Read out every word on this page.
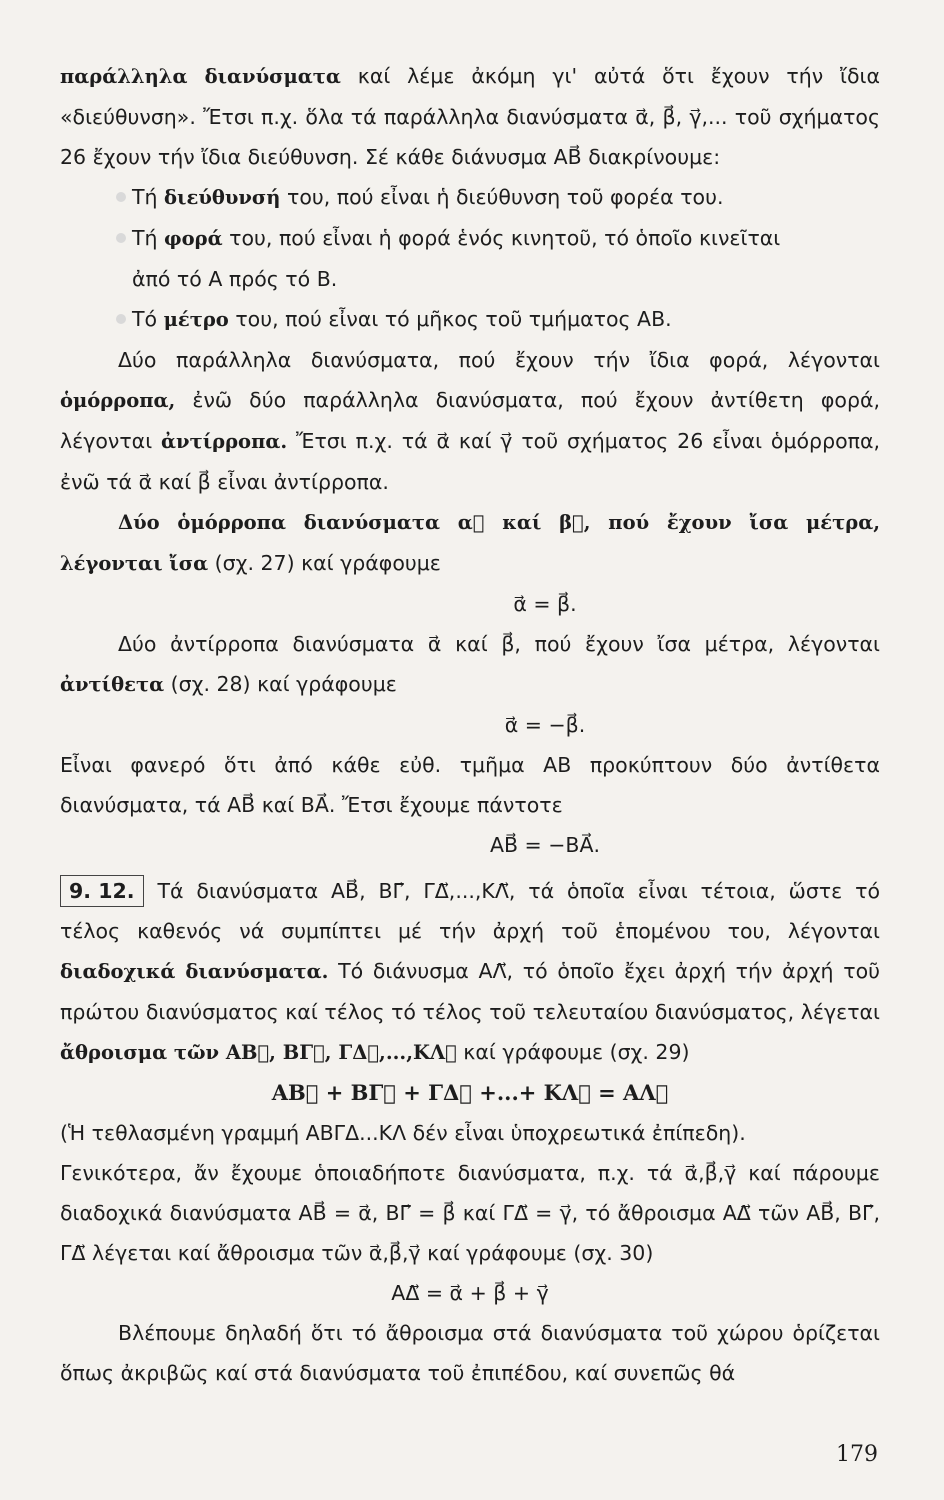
παράλληλα διανύσματα καί λέμε ἀκόμη γι' αὐτά ὅτι ἔχουν τήν ἴδια «διεύθυνση». Ἔτσι π.χ. ὅλα τά παράλληλα διανύσματα α⃗, β⃗, γ⃗,... τοῦ σχήματος 26 ἔχουν τήν ἴδια διεύθυνση. Σέ κάθε διάνυσμα AB⃗ διακρίνουμε:

Τή διεύθυνσή του, πού εἶναι ἡ διεύθυνση τοῦ φορέα του.

Τή φορά του, πού εἶναι ἡ φορά ἑνός κινητοῦ, τό ὁποῖο κινεῖται

ἀπό τό Α πρός τό Β.

Τό μέτρο του, πού εἶναι τό μῆκος τοῦ τμήματος AB.

Δύο παράλληλα διανύσματα, πού ἔχουν τήν ἴδια φορά, λέγονται ὁμόρροπα, ἐνῶ δύο παράλληλα διανύσματα, πού ἔχουν ἀντίθετη φορά, λέγονται ἀντίρροπα. Ἔτσι π.χ. τά α⃗ καί γ⃗ τοῦ σχήματος 26 εἶναι ὁμόρροπα, ἐνῶ τά α⃗ καί β⃗ εἶναι ἀντίρροπα.

Δύο ὁμόρροπα διανύσματα α⃗ καί β⃗, πού ἔχουν ἴσα μέτρα, λέγονται ἴσα (σχ. 27) καί γράφουμε

α⃗ = β⃗.

Δύο ἀντίρροπα διανύσματα α⃗ καί β⃗, πού ἔχουν ἴσα μέτρα, λέγονται ἀντίθετα (σχ. 28) καί γράφουμε

α⃗ = −β⃗.

Εἶναι φανερό ὅτι ἀπό κάθε εὐθ. τμῆμα AB προκύπτουν δύο ἀντίθετα διανύσματα, τά AB⃗ καί BA⃗. Ἔτσι ἔχουμε πάντοτε

AB⃗ = −BA⃗.

9. 12. Τά διανύσματα AB⃗, BΓ⃗, ΓΔ⃗,...,KΛ⃗, τά ὁποῖα εἶναι τέτοια, ὥστε τό τέλος καθενός νά συμπίπτει μέ τήν ἀρχή τοῦ ἑπομένου του, λέγονται διαδοχικά διανύσματα. Τό διάνυσμα AΛ⃗, τό ὁποῖο ἔχει ἀρχή τήν ἀρχή τοῦ πρώτου διανύσματος καί τέλος τό τέλος τοῦ τελευταίου διανύσματος, λέγεται ἄθροισμα τῶν AB⃗, BΓ⃗, ΓΔ⃗,...,KΛ⃗ καί γράφουμε (σχ. 29)

AB⃗ + BΓ⃗ + ΓΔ⃗ +...+ KΛ⃗ = AΛ⃗

(Ἡ τεθλασμένη γραμμή ΑΒΓΔ...ΚΛ δέν εἶναι ὑποχρεωτικά ἐπίπεδη).

Γενικότερα, ἄν ἔχουμε ὁποιαδήποτε διανύσματα, π.χ. τά α⃗,β⃗,γ⃗ καί πάρουμε διαδοχικά διανύσματα AB⃗ = α⃗, BΓ⃗ = β⃗ καί ΓΔ⃗ = γ⃗, τό ἄθροισμα AΔ⃗ τῶν AB⃗, BΓ⃗, ΓΔ⃗ λέγεται καί ἄθροισμα τῶν α⃗,β⃗,γ⃗ καί γράφουμε (σχ. 30)

AΔ⃗ = α⃗ + β⃗ + γ⃗

Βλέπουμε δηλαδή ὅτι τό ἄθροισμα στά διανύσματα τοῦ χώρου ὁρίζεται ὅπως ἀκριβῶς καί στά διανύσματα τοῦ ἐπιπέδου, καί συνεπῶς θά

179
